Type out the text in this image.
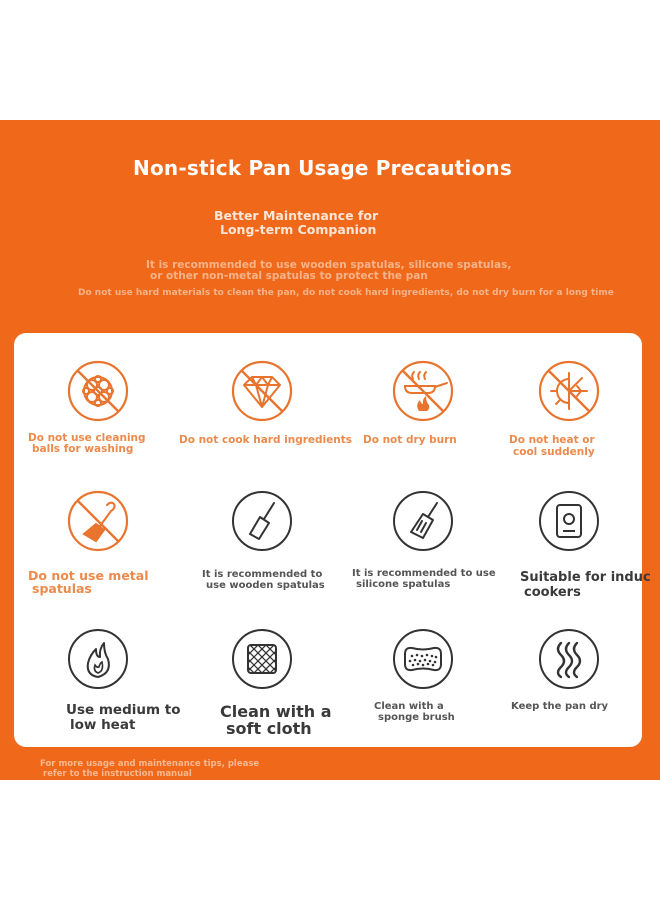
Non-stick Pan Usage Precautions
Better Maintenance for
Long-term Companion
It is recommended to use wooden spatulas, silicone spatulas,
or other non-metal spatulas to protect the pan
Do not use hard materials to clean the pan, do not cook hard ingredients, do not dry burn for a long time
Do not use cleaning
balls for washing
Do not cook hard ingredients Do not dry burn	Do not heat or
cool suddenly
Do not use metal
spatulas
It is recommended to
use wooden spatulas
It is recommended to use
silicone spatulas	Suitable for induc
cookers
Use medium to
low heat
Clean with a
soft cloth
Clean with a
sponge brush
Keep the pan dry
For more usage and maintenance tips, please
refer to the instruction manual
